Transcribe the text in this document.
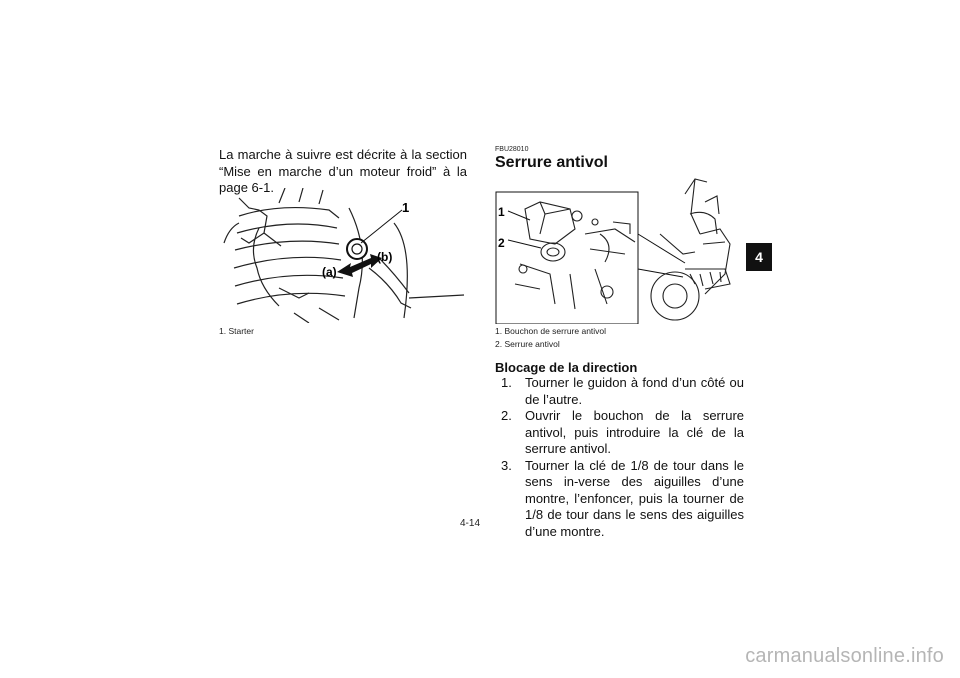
La marche à suivre est décrite à la section “Mise en marche d’un moteur froid” à la page 6-1.
1
(a)
(b)
1. Starter
FBU28010
Serrure antivol
1
2
1. Bouchon de serrure antivol
2. Serrure antivol
Blocage de la direction
1. Tourner le guidon à fond d’un côté ou de l’autre.
2. Ouvrir le bouchon de la serrure antivol, puis introduire la clé de la serrure antivol.
3. Tourner la clé de 1/8 de tour dans le sens in-verse des aiguilles d’une montre, l’enfoncer, puis la tourner de 1/8 de tour dans le sens des aiguilles d’une montre.
4
4-14
carmanualsonline.info
